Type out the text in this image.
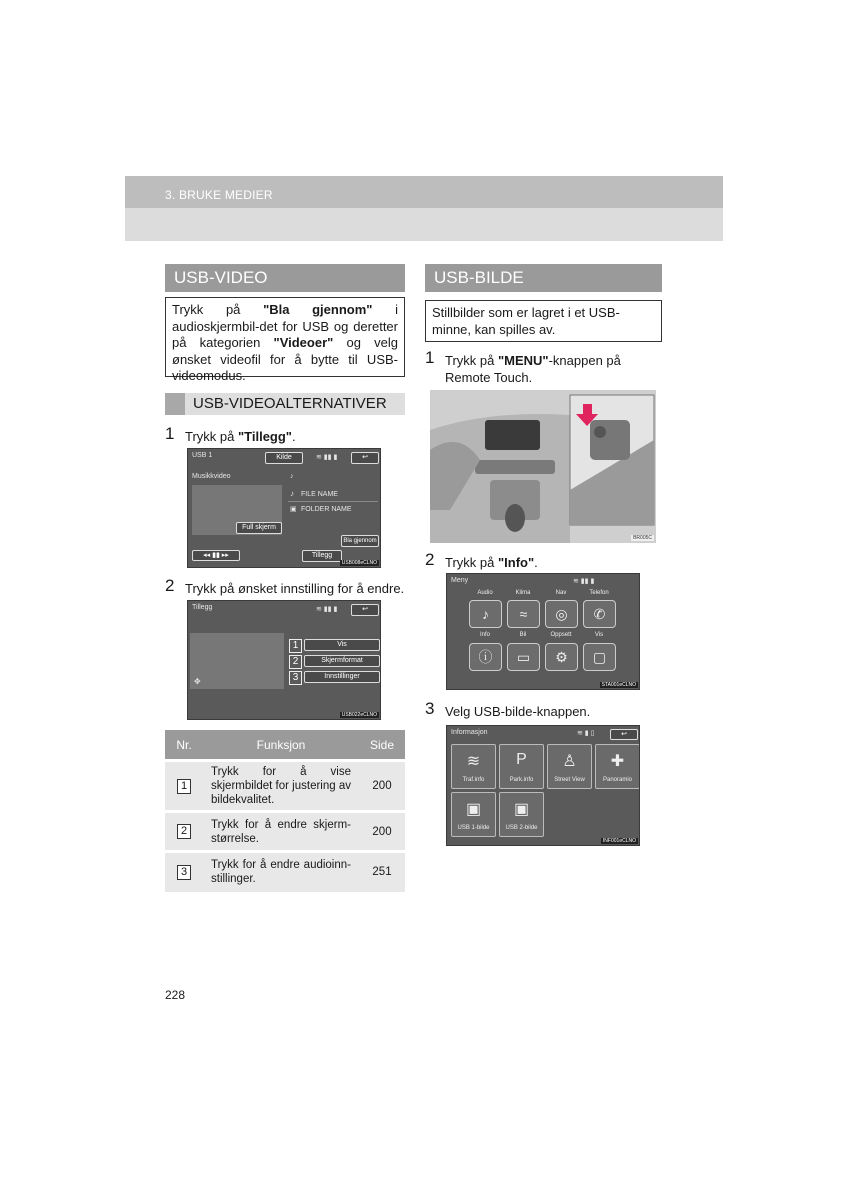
3. BRUKE MEDIER
USB-VIDEO
Trykk på "Bla gjennom" i audioskjermbil-det for USB og deretter på kategorien "Videoer" og velg ønsket videofil for å bytte til USB-videomodus.
USB-VIDEOALTERNATIVER
1 Trykk på "Tillegg".
USB 1	Kilde	≋ ▮▮ ▮	↩
Musikkvideo	♪
♪ FILE NAME
▣ FOLDER NAME
Full skjerm
Bla gjennom
◂◂ ▮▮ ▸▸	Tillegg
USB008eCLNO
2 Trykk på ønsket innstilling for å endre.
Tillegg	≋ ▮▮ ▮	↩
✥
1	Vis
2	Skjermformat
3	Innstillinger
USB022eCLNO
Nr.	Funksjon	Side
1	Trykk for å vise skjermbildet for justering av bildekvalitet.	200
2	Trykk for å endre skjerm-størrelse.	200
3	Trykk for å endre audioinn-stillinger.	251
USB-BILDE
Stillbilder som er lagret i et USB-minne, kan spilles av.
1 Trykk på "MENU"-knappen på Remote Touch.
BR005C
2 Trykk på "Info".
Meny	≋ ▮▮ ▮
Audio
♪
Klima
≈
Nav
◎
Telefon
✆
Info
ⓘ
Bil
▭
Oppsett
⚙
Vis
▢
STA001eCLNO
3 Velg USB-bilde-knappen.
Informasjon	≋ ▮ ▯	↩
≋
Traf.info
P
Park.info
♙
Street View
✚
Panoramio
▣
USB 1-bilde
▣
USB 2-bilde
INF001eCLNO
228
